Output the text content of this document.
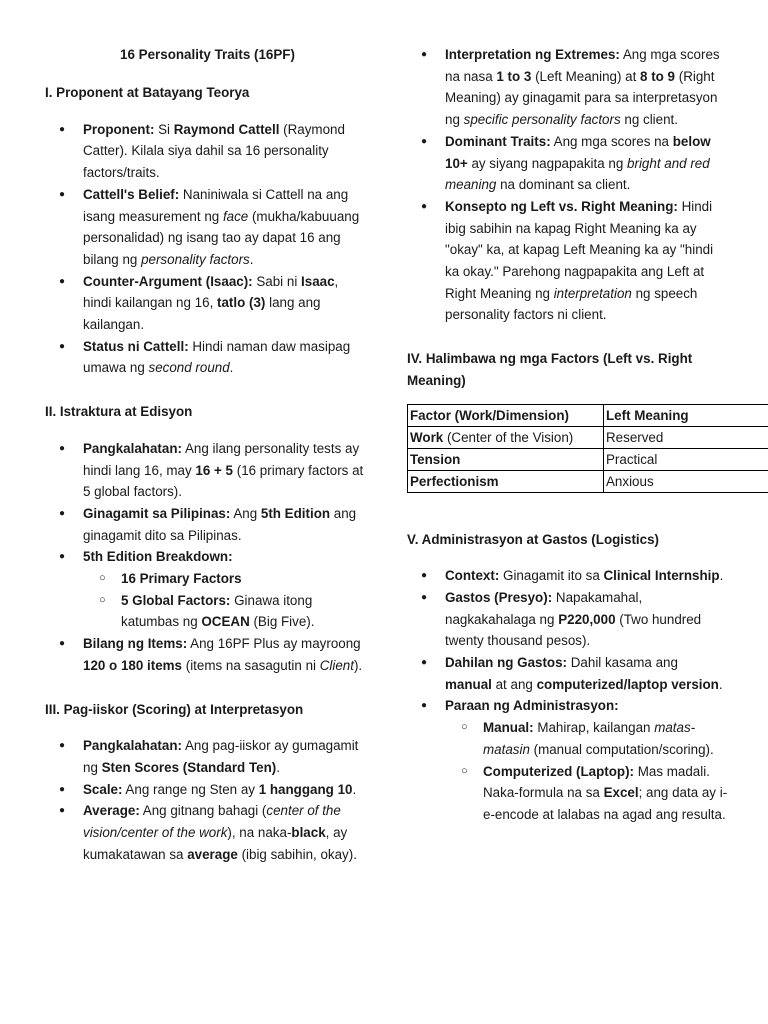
16 Personality Traits (16PF)
I. Proponent at Batayang Teorya
● Proponent: Si Raymond Cattell (Raymond Catter). Kilala siya dahil sa 16 personality factors/traits.
● Cattell's Belief: Naniniwala si Cattell na ang isang measurement ng face (mukha/kabuuang personalidad) ng isang tao ay dapat 16 ang bilang ng personality factors.
● Counter-Argument (Isaac): Sabi ni Isaac, hindi kailangan ng 16, tatlo (3) lang ang kailangan.
● Status ni Cattell: Hindi naman daw masipag umawa ng second round.
II. Istraktura at Edisyon
● Pangkalahatan: Ang ilang personality tests ay hindi lang 16, may 16 + 5 (16 primary factors at 5 global factors).
● Ginagamit sa Pilipinas: Ang 5th Edition ang ginagamit dito sa Pilipinas.
● 5th Edition Breakdown:
○ 16 Primary Factors
○ 5 Global Factors: Ginawa itong katumbas ng OCEAN (Big Five).
● Bilang ng Items: Ang 16PF Plus ay mayroong 120 o 180 items (items na sasagutin ni Client).
III. Pag-iiskor (Scoring) at Interpretasyon
● Pangkalahatan: Ang pag-iiskor ay gumagamit ng Sten Scores (Standard Ten).
● Scale: Ang range ng Sten ay 1 hanggang 10.
● Average: Ang gitnang bahagi (center of the vision/center of the work), na naka-black, ay kumakatawan sa average (ibig sabihin, okay).
● Interpretation ng Extremes: Ang mga scores na nasa 1 to 3 (Left Meaning) at 8 to 9 (Right Meaning) ay ginagamit para sa interpretasyon ng specific personality factors ng client.
● Dominant Traits: Ang mga scores na below 10+ ay siyang nagpapakita ng bright and red meaning na dominant sa client.
● Konsepto ng Left vs. Right Meaning: Hindi ibig sabihin na kapag Right Meaning ka ay "okay" ka, at kapag Left Meaning ka ay "hindi ka okay." Parehong nagpapakita ang Left at Right Meaning ng interpretation ng speech personality factors ni client.
IV. Halimbawa ng mga Factors (Left vs. Right Meaning)
Factor (Work/Dimension)	Left Meaning
Work (Center of the Vision)	Reserved
Tension	Practical
Perfectionism	Anxious
V. Administrasyon at Gastos (Logistics)
● Context: Ginagamit ito sa Clinical Internship.
● Gastos (Presyo): Napakamahal, nagkakahalaga ng P220,000 (Two hundred twenty thousand pesos).
● Dahilan ng Gastos: Dahil kasama ang manual at ang computerized/laptop version.
● Paraan ng Administrasyon:
○ Manual: Mahirap, kailangan matas-matasin (manual computation/scoring).
○ Computerized (Laptop): Mas madali. Naka-formula na sa Excel; ang data ay i-e-encode at lalabas na agad ang resulta.
